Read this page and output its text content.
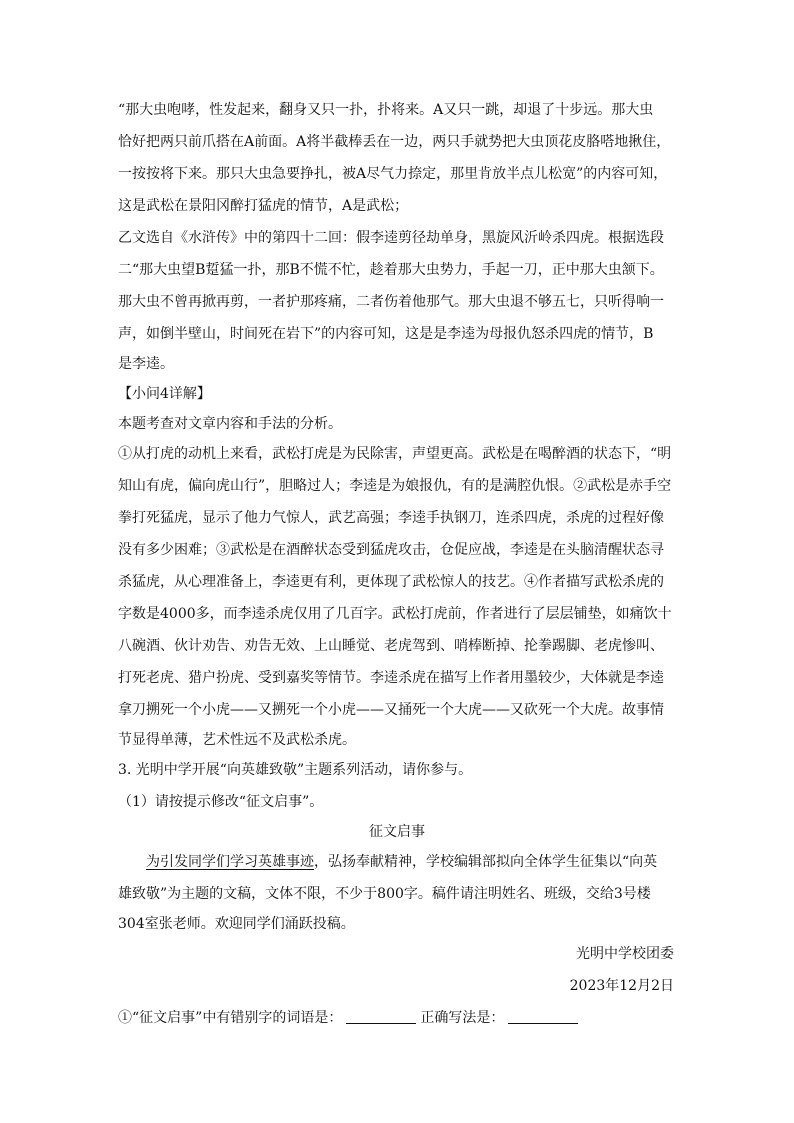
“那大虫咆哮，性发起来，翻身又只一扑，扑将来。A又只一跳，却退了十步远。那大虫
恰好把两只前爪搭在A前面。A将半截棒丢在一边，两只手就势把大虫顶花皮胳嗒地揪住，
一按按将下来。那只大虫急要挣扎，被A尽气力捺定，那里肯放半点儿松宽”的内容可知，
这是武松在景阳冈醉打猛虎的情节，A是武松；
乙文选自《水浒传》中的第四十二回：假李逵剪径劫单身，黑旋风沂岭杀四虎。根据选段
二“那大虫望B踅猛一扑，那B不慌不忙，趁着那大虫势力，手起一刀，正中那大虫颔下。
那大虫不曾再掀再剪，一者护那疼痛，二者伤着他那气。那大虫退不够五七，只听得响一
声，如倒半壁山，时间死在岩下”的内容可知，这是是李逵为母报仇怒杀四虎的情节，B
是李逵。
【小问4详解】
本题考查对文章内容和手法的分析。
①从打虎的动机上来看，武松打虎是为民除害，声望更高。武松是在喝醉酒的状态下，“明
知山有虎，偏向虎山行”，胆略过人；李逵是为娘报仇，有的是满腔仇恨。②武松是赤手空
拳打死猛虎，显示了他力气惊人，武艺高强；李逵手执钢刀，连杀四虎，杀虎的过程好像
没有多少困难；③武松是在酒醉状态受到猛虎攻击，仓促应战，李逵是在头脑清醒状态寻
杀猛虎，从心理准备上，李逵更有利，更体现了武松惊人的技艺。④作者描写武松杀虎的
字数是4000多，而李逵杀虎仅用了几百字。武松打虎前，作者进行了层层铺垫，如痛饮十
八碗酒、伙计劝告、劝告无效、上山睡觉、老虎驾到、哨棒断掉、抡拳踢脚、老虎惨叫、
打死老虎、猎户扮虎、受到嘉奖等情节。李逵杀虎在描写上作者用墨较少，大体就是李逵
拿刀搠死一个小虎——又搠死一个小虎——又捅死一个大虎——又砍死一个大虎。故事情
节显得单薄，艺术性远不及武松杀虎。
3. 光明中学开展“向英雄致敬”主题系列活动，请你参与。
（1）请按提示修改“征文启事”。
征文启事
为引发同学们学习英雄事迹，弘扬奉献精神，学校编辑部拟向全体学生征集以“向英
雄致敬”为主题的文稿，文体不限，不少于800字。稿件请注明姓名、班级，交给3号楼
304室张老师。欢迎同学们涌跃投稿。
光明中学校团委
2023年12月2日
①“征文启事”中有错别字的词语是：	正确写法是：
